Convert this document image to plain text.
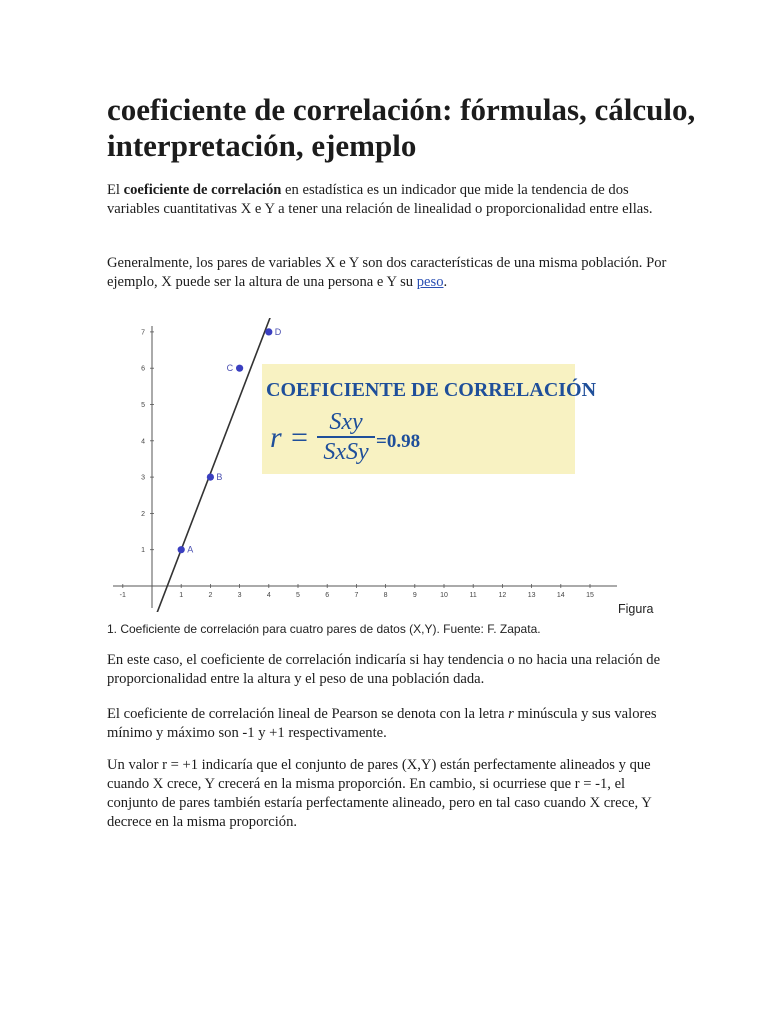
coeficiente de correlación: fórmulas, cálculo, interpretación, ejemplo

El coeficiente de correlación en estadística es un indicador que mide la tendencia de dos variables cuantitativas X e Y a tener una relación de linealidad o proporcionalidad entre ellas.

Generalmente, los pares de variables X e Y son dos características de una misma población. Por ejemplo, X puede ser la altura de una persona e Y su peso.

-1	1	2	3	4	5	6	7	8	9	10	11	12	13	14	15
1
2
3
4
5
6
7
A
B
C
D
COEFICIENTE DE CORRELACIÓN
r = Sxy
SxSy =0.98
Figura
1. Coeficiente de correlación para cuatro pares de datos (X,Y). Fuente: F. Zapata.

En este caso, el coeficiente de correlación indicaría si hay tendencia o no hacia una relación de proporcionalidad entre la altura y el peso de una población dada.

El coeficiente de correlación lineal de Pearson se denota con la letra r minúscula y sus valores mínimo y máximo son -1 y +1 respectivamente.

Un valor r = +1 indicaría que el conjunto de pares (X,Y) están perfectamente alineados y que cuando X crece, Y crecerá en la misma proporción. En cambio, si ocurriese que r = -1, el conjunto de pares también estaría perfectamente alineado, pero en tal caso cuando X crece, Y decrece en la misma proporción.
